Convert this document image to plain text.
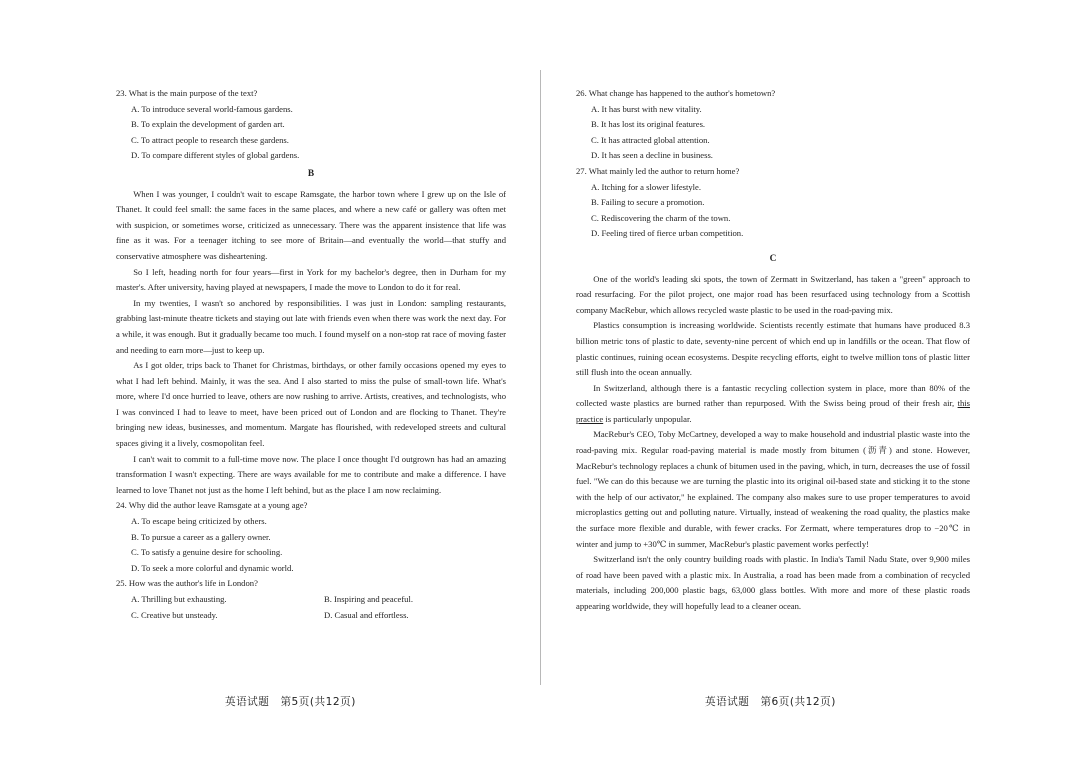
23. What is the main purpose of the text?

A. To introduce several world-famous gardens.

B. To explain the development of garden art.

C. To attract people to research these gardens.

D. To compare different styles of global gardens.

B

When I was younger, I couldn't wait to escape Ramsgate, the harbor town where I grew up on the Isle of Thanet. It could feel small: the same faces in the same places, and where a new café or gallery was often met with suspicion, or sometimes worse, criticized as unnecessary. There was the apparent insistence that life was fine as it was. For a teenager itching to see more of Britain—and eventually the world—that stuffy and conservative atmosphere was disheartening.

So I left, heading north for four years—first in York for my bachelor's degree, then in Durham for my master's. After university, having played at newspapers, I made the move to London to do it for real.

In my twenties, I wasn't so anchored by responsibilities. I was just in London: sampling restaurants, grabbing last-minute theatre tickets and staying out late with friends even when there was work the next day. For a while, it was enough. But it gradually became too much. I found myself on a non-stop rat race of moving faster and needing to earn more—just to keep up.

As I got older, trips back to Thanet for Christmas, birthdays, or other family occasions opened my eyes to what I had left behind. Mainly, it was the sea. And I also started to miss the pulse of small-town life. What's more, where I'd once hurried to leave, others are now rushing to arrive. Artists, creatives, and technologists, who I was convinced I had to leave to meet, have been priced out of London and are flocking to Thanet. They're bringing new ideas, businesses, and momentum. Margate has flourished, with redeveloped streets and cultural spaces giving it a lively, cosmopolitan feel.

I can't wait to commit to a full-time move now. The place I once thought I'd outgrown has had an amazing transformation I wasn't expecting. There are ways available for me to contribute and make a difference. I have learned to love Thanet not just as the home I left behind, but as the place I am now reclaiming.

24. Why did the author leave Ramsgate at a young age?

A. To escape being criticized by others.

B. To pursue a career as a gallery owner.

C. To satisfy a genuine desire for schooling.

D. To seek a more colorful and dynamic world.

25. How was the author's life in London?

A. Thrilling but exhausting.	B. Inspiring and peaceful.
C. Creative but unsteady.	D. Casual and effortless.
英语试题　第5页(共12页)

26. What change has happened to the author's hometown?

A. It has burst with new vitality.

B. It has lost its original features.

C. It has attracted global attention.

D. It has seen a decline in business.

27. What mainly led the author to return home?

A. Itching for a slower lifestyle.

B. Failing to secure a promotion.

C. Rediscovering the charm of the town.

D. Feeling tired of fierce urban competition.

C

One of the world's leading ski spots, the town of Zermatt in Switzerland, has taken a "green" approach to road resurfacing. For the pilot project, one major road has been resurfaced using technology from a Scottish company MacRebur, which allows recycled waste plastic to be used in the road-paving mix.

Plastics consumption is increasing worldwide. Scientists recently estimate that humans have produced 8.3 billion metric tons of plastic to date, seventy-nine percent of which end up in landfills or the ocean. That flow of plastic continues, ruining ocean ecosystems. Despite recycling efforts, eight to twelve million tons of plastic litter still flush into the ocean annually.

In Switzerland, although there is a fantastic recycling collection system in place, more than 80% of the collected waste plastics are burned rather than repurposed. With the Swiss being proud of their fresh air, this practice is particularly unpopular.

MacRebur's CEO, Toby McCartney, developed a way to make household and industrial plastic waste into the road-paving mix. Regular road-paving material is made mostly from bitumen (沥青) and stone. However, MacRebur's technology replaces a chunk of bitumen used in the paving, which, in turn, decreases the use of fossil fuel. "We can do this because we are turning the plastic into its original oil-based state and sticking it to the stone with the help of our activator," he explained. The company also makes sure to use proper temperatures to avoid microplastics getting out and polluting nature. Virtually, instead of weakening the road quality, the plastics make the surface more flexible and durable, with fewer cracks. For Zermatt, where temperatures drop to −20℃ in winter and jump to +30℃ in summer, MacRebur's plastic pavement works perfectly!

Switzerland isn't the only country building roads with plastic. In India's Tamil Nadu State, over 9,900 miles of road have been paved with a plastic mix. In Australia, a road has been made from a combination of recycled materials, including 200,000 plastic bags, 63,000 glass bottles. With more and more of these plastic roads appearing worldwide, they will hopefully lead to a cleaner ocean.

英语试题　第6页(共12页)
